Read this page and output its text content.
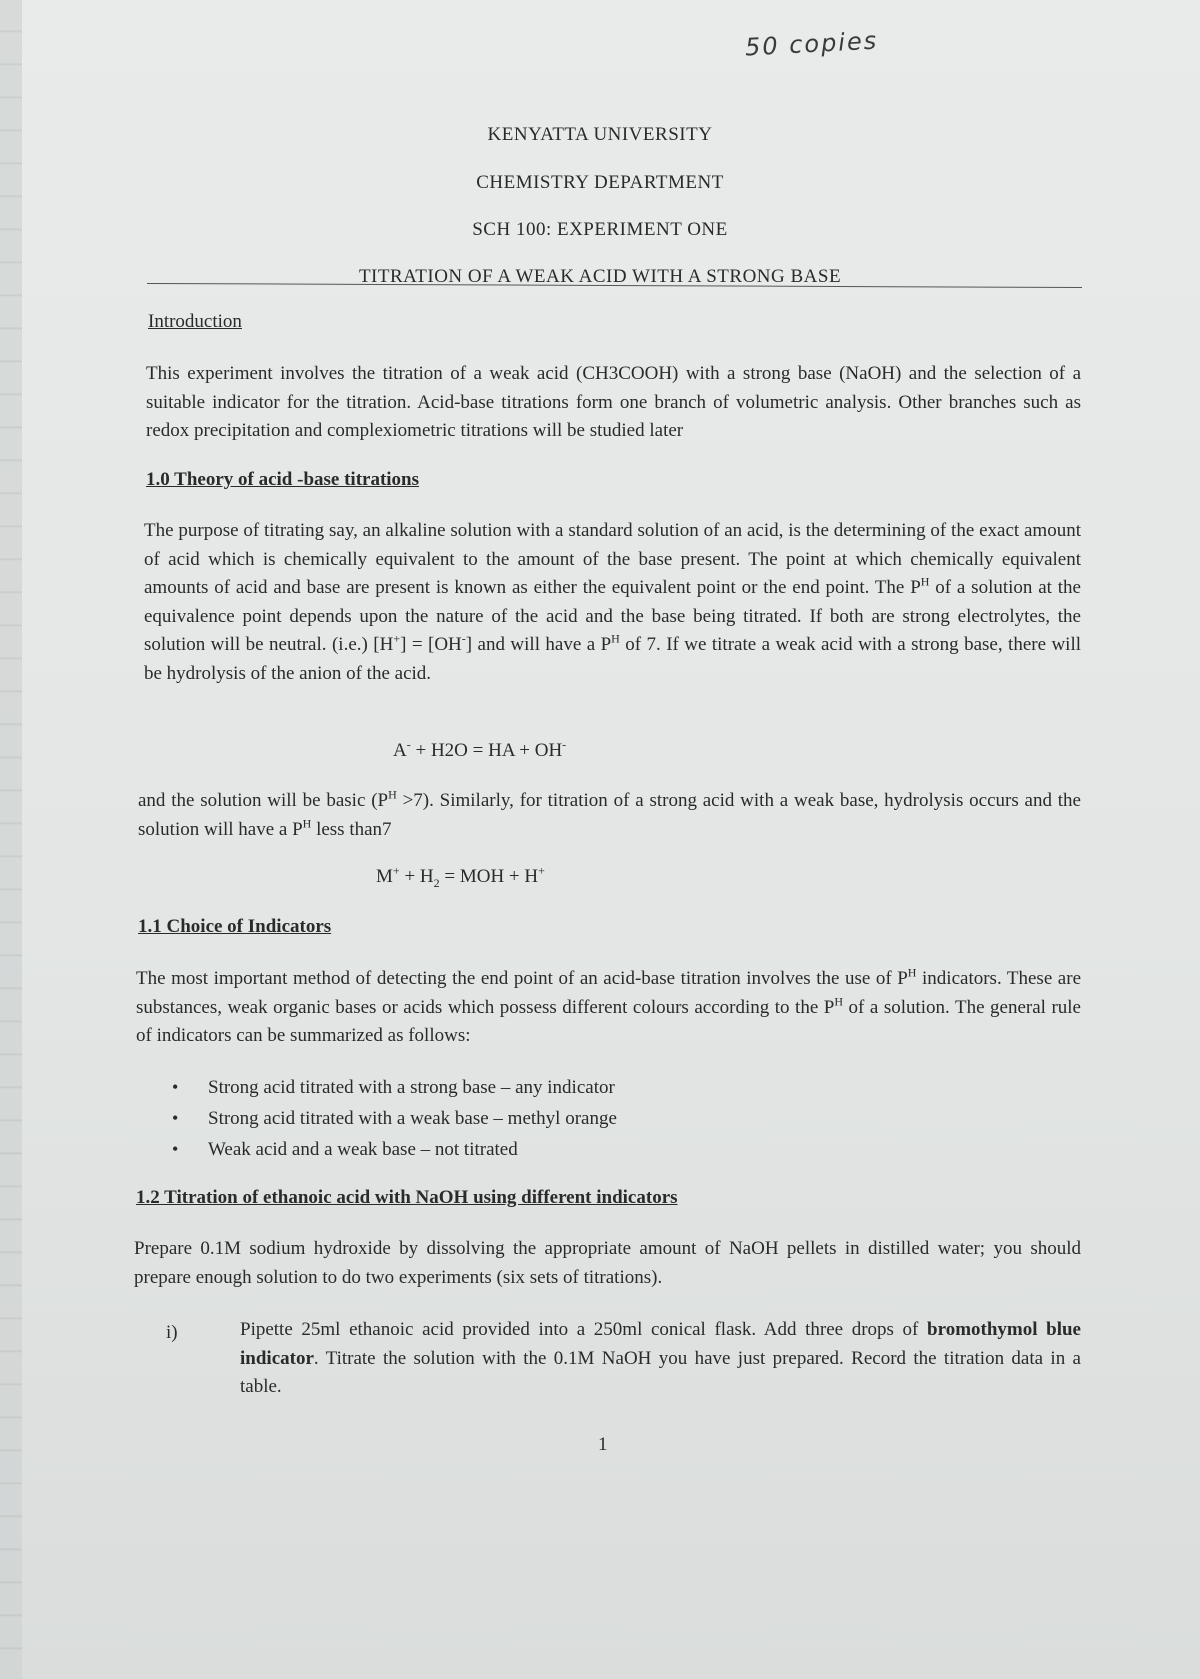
50 copies
KENYATTA UNIVERSITY
CHEMISTRY DEPARTMENT
SCH 100: EXPERIMENT ONE
TITRATION OF A WEAK ACID WITH A STRONG BASE
Introduction
This experiment involves the titration of a weak acid (CH3COOH) with a strong base (NaOH) and the selection of a suitable indicator for the titration. Acid-base titrations form one branch of volumetric analysis. Other branches such as redox precipitation and complexiometric titrations will be studied later
1.0 Theory of acid -base titrations
The purpose of titrating say, an alkaline solution with a standard solution of an acid, is the determining of the exact amount of acid which is chemically equivalent to the amount of the base present. The point at which chemically equivalent amounts of acid and base are present is known as either the equivalent point or the end point. The $P^H$ of a solution at the equivalence point depends upon the nature of the acid and the base being titrated. If both are strong electrolytes, the solution will be neutral. (i.e.) [H+] = [OH-] and will have a $P^H$ of 7. If we titrate a weak acid with a strong base, there will be hydrolysis of the anion of the acid.
A- + H2O = HA + OH-
and the solution will be basic $(P^H >7)$. Similarly, for titration of a strong acid with a weak base, hydrolysis occurs and the solution will have a $P^H$ less than7
$M^+ + H_2$ = MOH + H+
1.1 Choice of Indicators
The most important method of detecting the end point of an acid-base titration involves the use of $P^H$ indicators. These are substances, weak organic bases or acids which possess different colours according to the $P^H$ of a solution. The general rule of indicators can be summarized as follows:
• Strong acid titrated with a strong base – any indicator
• Strong acid titrated with a weak base – methyl orange
• Weak acid and a weak base – not titrated
1.2 Titration of ethanoic acid with NaOH using different indicators
Prepare 0.1M sodium hydroxide by dissolving the appropriate amount of NaOH pellets in distilled water; you should prepare enough solution to do two experiments (six sets of titrations).
i)	Pipette 25ml ethanoic acid provided into a 250ml conical flask. Add three drops of bromothymol blue indicator. Titrate the solution with the 0.1M NaOH you have just prepared. Record the titration data in a table.
1
